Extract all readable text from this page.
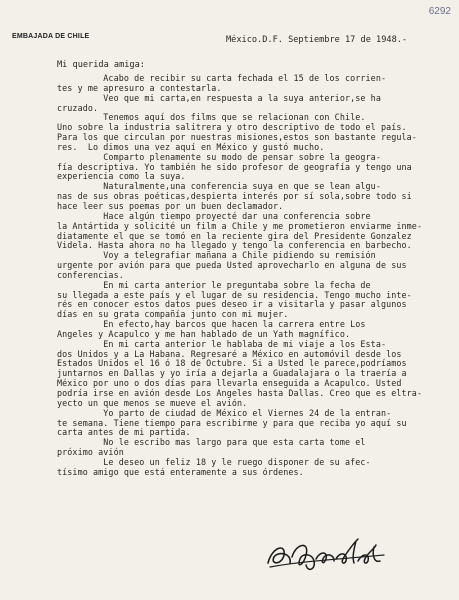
6292
EMBAJADA DE CHILE	México.D.F. Septiembre 17 de 1948.-
Mi querida amiga:
Acabo de recibir su carta fechada el 15 de los corrien-
tes y me apresuro a contestarla.
Veo que mi carta,en respuesta a la suya anterior,se ha
cruzado.
Tenemos aquí dos films que se relacionan con Chile.
Uno sobre la industria salitrera y otro descriptivo de todo el país.
Para los que circulan por nuestras misiones,estos son bastante regula-
res.  Lo dimos una vez aquí en México y gustó mucho.
Comparto plenamente su modo de pensar sobre la geogra-
fía descriptiva. Yo también he sido profesor de geografía y tengo una
experiencia como la suya.
Naturalmente,una conferencia suya en que se lean algu-
nas de sus obras poéticas,despierta interés por sí sola,sobre todo si
hace leer sus poemas por un buen declamador.
Hace algún tiempo proyecté dar una conferencia sobre
la Antártida y solicité un film a Chile y me prometieron enviarme inme-
diatamente el que se tomó en la reciente gira del Presidente Gonzalez
Videla. Hasta ahora no ha llegado y tengo la conferencia en barbecho.
Voy a telegrafiar mañana a Chile pidiendo su remisión
urgente por avión para que pueda Usted aprovecharlo en alguna de sus
conferencias.
En mi carta anterior le preguntaba sobre la fecha de
su llegada a este país y el lugar de su residencia. Tengo mucho inte-
rés en conocer estos datos pues deseo ir a visitarla y pasar algunos
días en su grata compañía junto con mi mujer.
En efecto,hay barcos que hacen la carrera entre Los
Angeles y Acapulco y me han hablado de un Yath magnífico.
En mi carta anterior le hablaba de mi viaje a los Esta-
dos Unidos y a La Habana. Regresaré a México en automóvil desde los
Estados Unidos el 16 ó 18 de Octubre. Si a Usted le parece,podríamos
juntarnos en Dallas y yo iría a dejarla a Guadalajara o la traería a
México por uno o dos días para llevarla enseguida a Acapulco. Usted
podría irse en avión desde Los Angeles hasta Dallas. Creo que es eltra-
yecto un que menos se mueve el avión.
Yo parto de ciudad de México el Viernes 24 de la entran-
te semana. Tiene tiempo para escribirme y para que reciba yo aquí su
carta antes de mi partida.
No le escribo mas largo para que esta carta tome el
próximo avión
Le deseo un feliz 18 y le ruego disponer de su afec-
tísimo amigo que está enteramente a sus órdenes.
